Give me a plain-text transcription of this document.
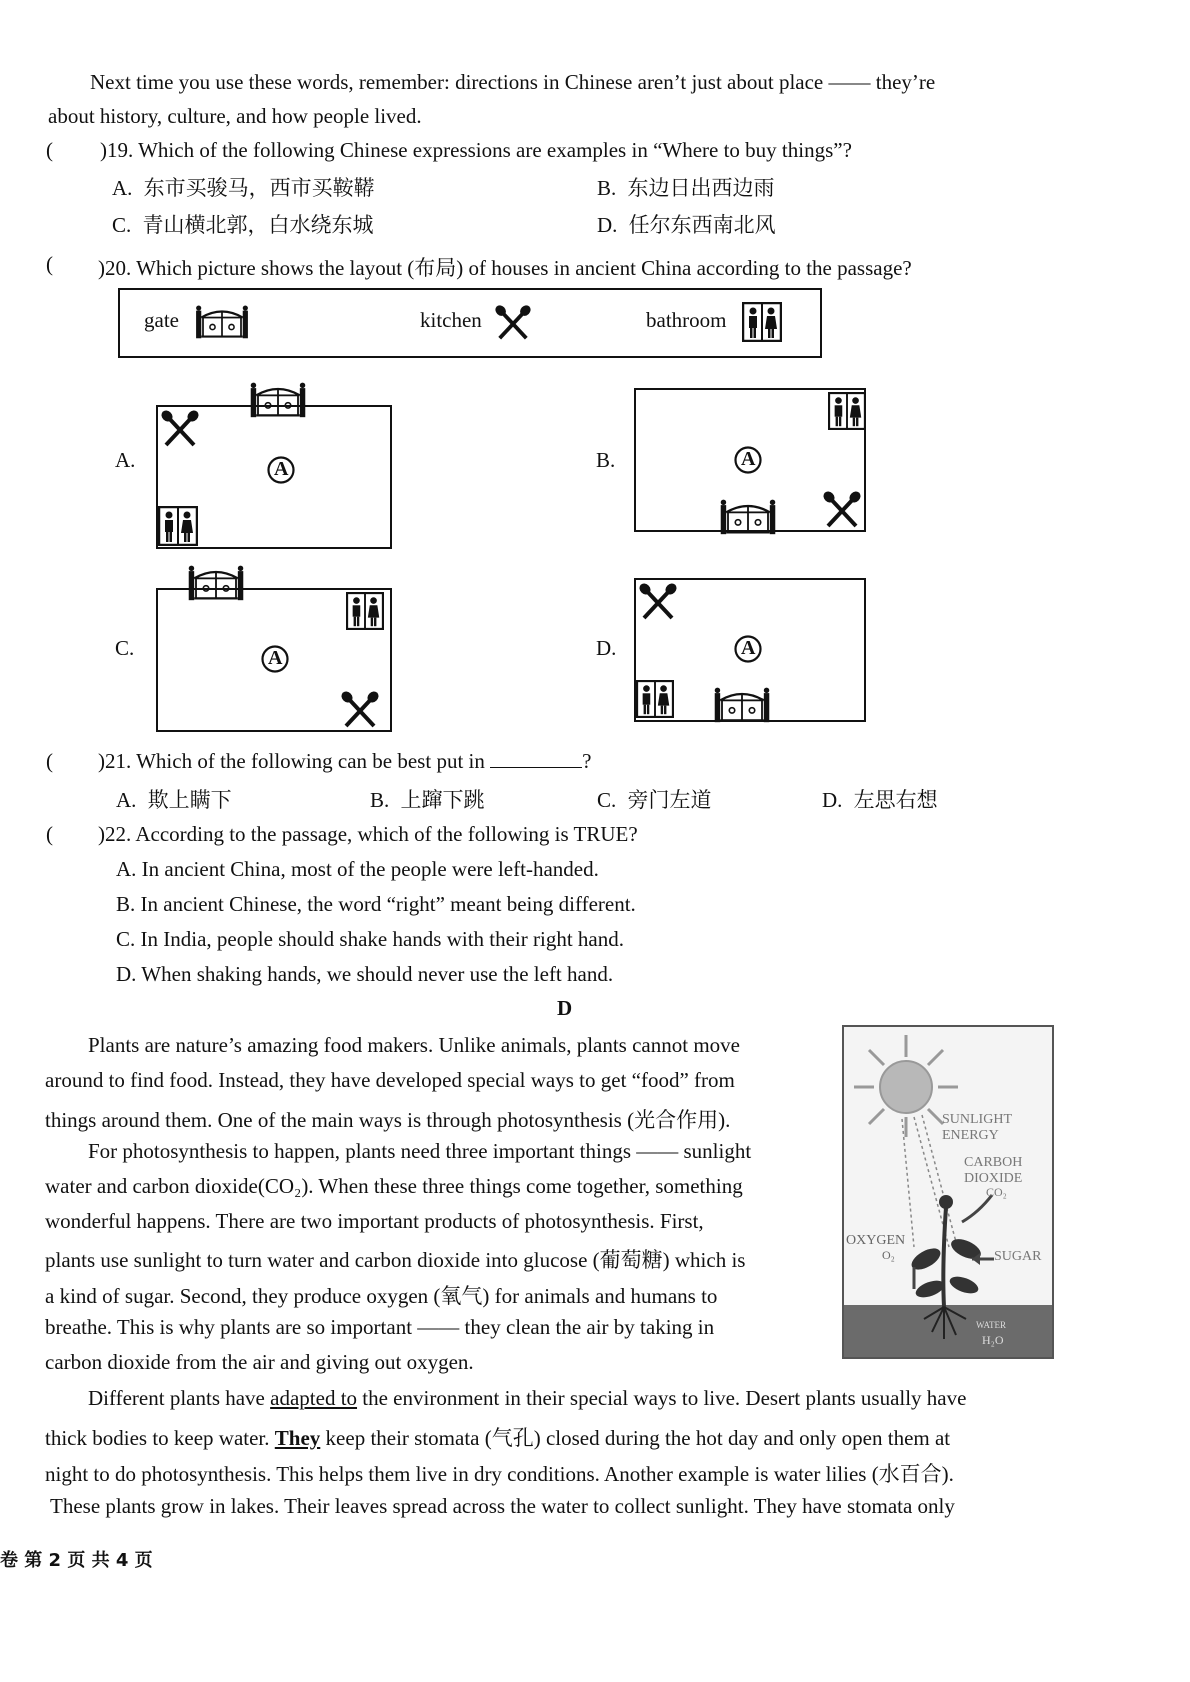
Next time you use these words, remember: directions in Chinese aren’t just about place —— they’re
about history, culture, and how people lived.
( )19. Which of the following Chinese expressions are examples in “Where to buy things”?
A. 东市买骏马，西市买鞍鞯	B. 东边日出西边雨
C. 青山横北郭，白水绕东城	D. 任尔东西南北风
( )20. Which picture shows the layout (布局) of houses in ancient China according to the passage?
gate	kitchen	bathroom
A.	A	B.	A
C.	A	D.	A
( )21. Which of the following can be best put in	?
A. 欺上瞒下	B. 上蹿下跳	C. 旁门左道	D. 左思右想
( )22. According to the passage, which of the following is TRUE?
A. In ancient China, most of the people were left-handed.
B. In ancient Chinese, the word “right” meant being different.
C. In India, people should shake hands with their right hand.
D. When shaking hands, we should never use the left hand.
D
Plants are nature’s amazing food makers. Unlike animals, plants cannot move
around to find food. Instead, they have developed special ways to get “food” from
things around them. One of the main ways is through photosynthesis (光合作用).
For photosynthesis to happen, plants need three important things —— sunlight
water and carbon dioxide(CO₂). When these three things come together, something
wonderful happens. There are two important products of photosynthesis. First,
plants use sunlight to turn water and carbon dioxide into glucose (葡萄糖) which is
a kind of sugar. Second, they produce oxygen (氧气) for animals and humans to
breathe. This is why plants are so important —— they clean the air by taking in
carbon dioxide from the air and giving out oxygen.
Different plants have adapted to the environment in their special ways to live. Desert plants usually have
thick bodies to keep water. They keep their stomata (气孔) closed during the hot day and only open them at
night to do photosynthesis. This helps them live in dry conditions. Another example is water lilies (水百合).
These plants grow in lakes. Their leaves spread across the water to collect sunlight. They have stomata only
SUNLIGHT
ENERGY
CARBOH
DIOXIDE
CO₂
OXYGEN
O₂	SUGAR
WATER
H₂O
卷 第 2 页 共 4 页
